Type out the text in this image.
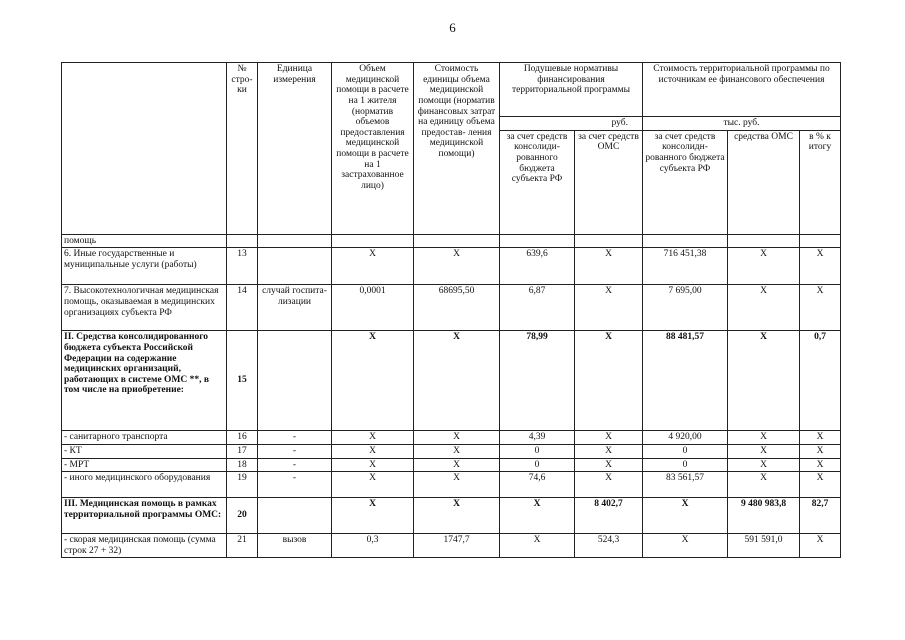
6
	№ стро- ки	Единица измерения	Объем медицинской помощи в расчете на 1 жителя (норматив объемов предоставления медицинской помощи в расчете на 1 застрахованное лицо)	Стоимость единицы объема медицинской помощи (норматив финансовых затрат на единицу объема предостав- ления медицинской помощи)	Подушевые нормативы финансирования территориальной программы		Стоимость территориальной программы по источникам ее финансового обеспечения		
					руб.		тыс. руб.		
					за счет средств консолиди- рованного бюджета субъекта РФ	за счет средств ОМС	за счет средств консолидн- рованного бюджета субъекта РФ	средства ОМС	в % к итогу
помощь									
6. Иные государственные и муниципальные услуги (работы)	13		Х	Х	639,6	Х	716 451,38	Х	Х
7. Высокотехнологичная медицинская помощь, оказываемая в медицинских организациях субъекта РФ	14	случай госпита- лизации	0,0001	68695,50	6,87	Х	7 695,00	Х	Х
II. Средства консолидированного бюджета субъекта Российской Федерации на содержание медицинских организаций, работающих в системе ОМС **, в том числе на приобретение:	15		Х	Х	78,99	Х	88 481,57	Х	0,7
- санитарного транспорта	16	-	Х	Х	4,39	Х	4 920,00	Х	Х
- КТ	17	-	Х	Х	0	Х	0	Х	Х
- МРТ	18	-	Х	Х	0	Х	0	Х	Х
- иного медицинского оборудования	19	-	Х	Х	74,6	Х	83 561,57	Х	Х
III. Медицинская помощь в рамках территориальной программы ОМС:	20		Х	Х	Х	8 402,7	Х	9 480 983,8	82,7
- скорая медицинская помощь (сумма строк 27 + 32)	21	вызов	0,3	1747,7	Х	524,3	Х	591 591,0	Х
